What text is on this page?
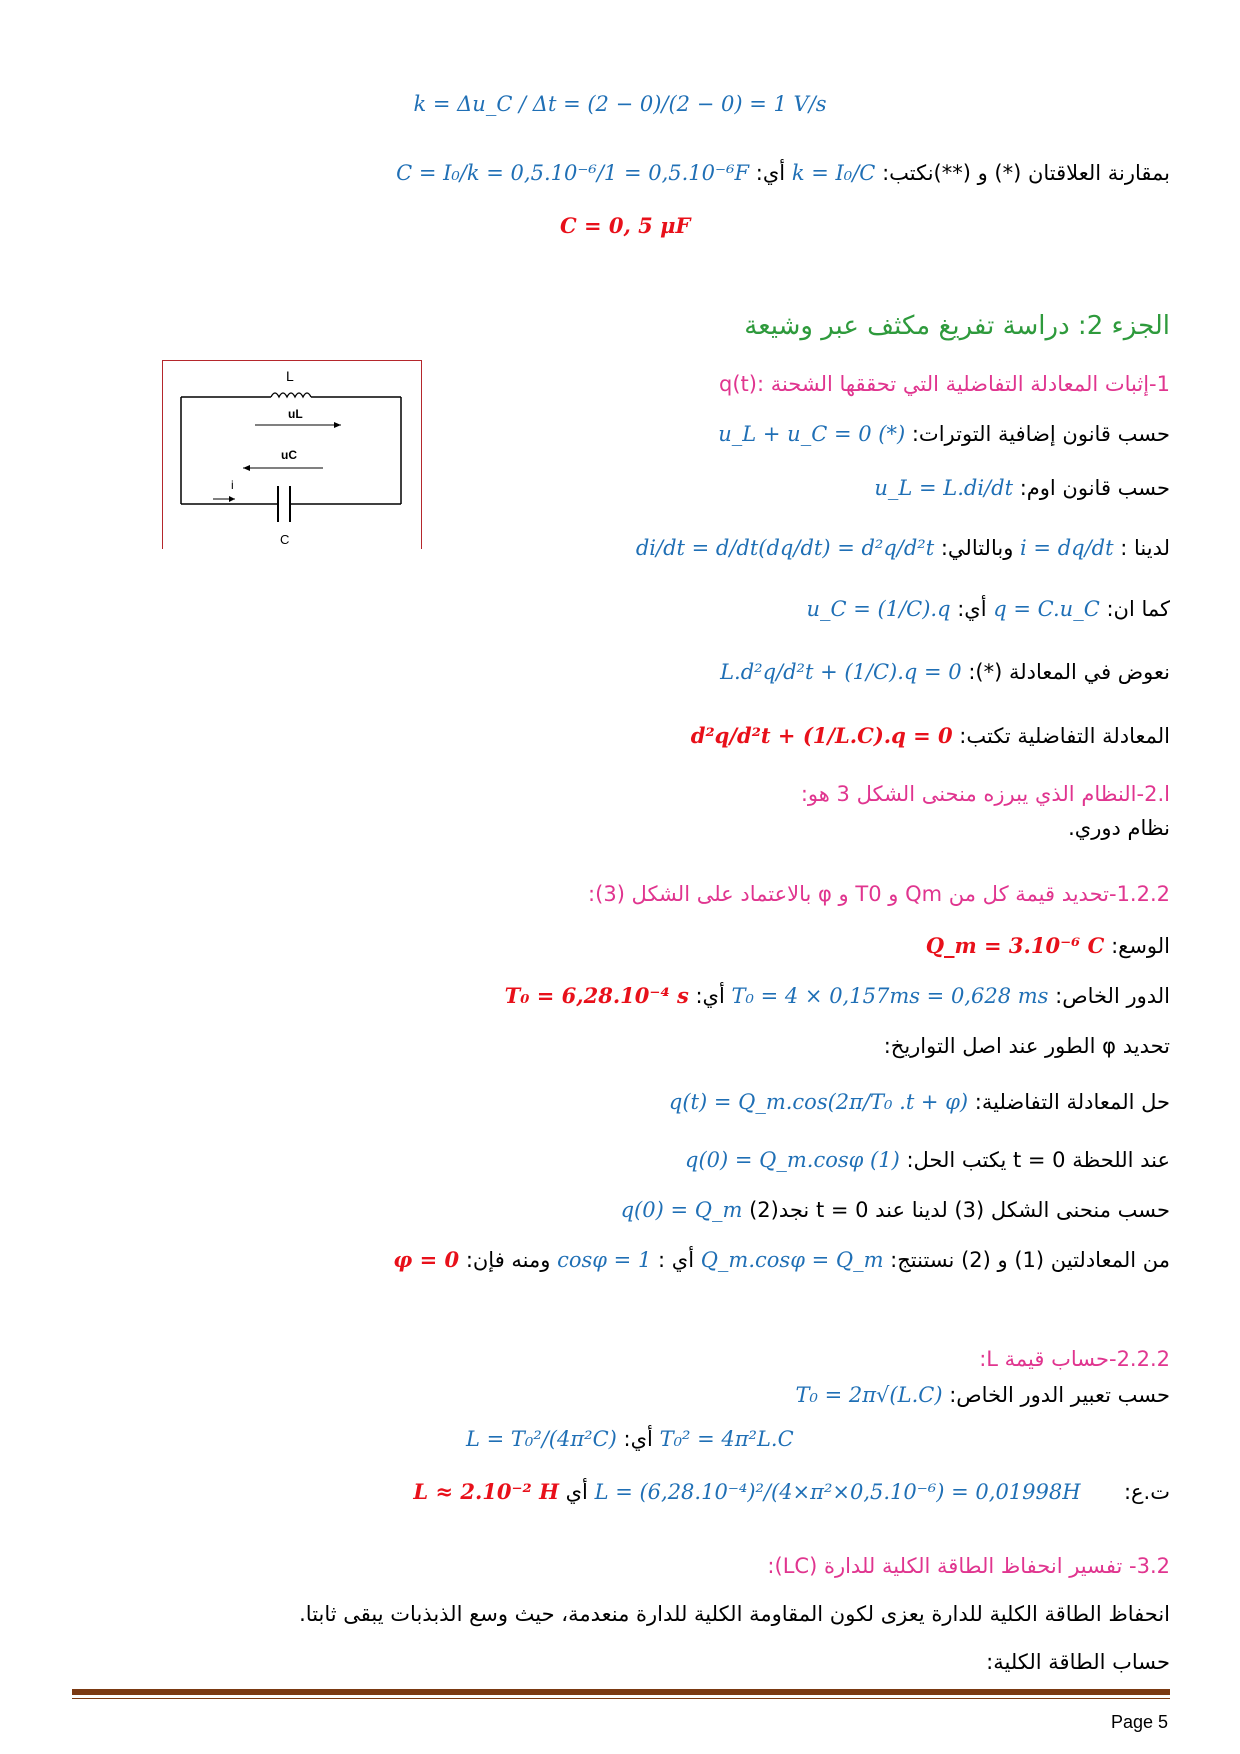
k = Δu_C / Δt = (2 − 0)/(2 − 0) = 1 V/s
بمقارنة العلاقتان (*) و (**)نكتب: k = I₀/C أي: C = I₀/k = 0,5.10⁻⁶/1 = 0,5.10⁻⁶F
C = 0, 5 μF
الجزء 2: دراسة تفريغ مكثف عبر وشيعة
L
uL
C
uC
i
1-إثبات المعادلة التفاضلية التي تحققها الشحنة :q(t)
حسب قانون إضافية التوترات: u_L + u_C = 0 (*)
حسب قانون اوم: u_L = L.di/dt
لدينا : i = dq/dt وبالتالي: di/dt = d/dt(dq/dt) = d²q/d²t
كما ان: q = C.u_C أي: u_C = (1/C).q
نعوض في المعادلة (*): L.d²q/d²t + (1/C).q = 0
المعادلة التفاضلية تكتب: d²q/d²t + (1/L.C).q = 0
ا.2-النظام الذي يبرزه منحنى الشكل 3 هو:
نظام دوري.
1.2.2-تحديد قيمة كل من Qm و T0 و φ بالاعتماد على الشكل (3):
الوسع: Q_m = 3.10⁻⁶ C
الدور الخاص: T₀ = 4 × 0,157ms = 0,628 ms أي: T₀ = 6,28.10⁻⁴ s
تحديد φ الطور عند اصل التواريخ:
حل المعادلة التفاضلية: q(t) = Q_m.cos(2π/T₀ .t + φ)
عند اللحظة t = 0 يكتب الحل: q(0) = Q_m.cosφ (1)
حسب منحنى الشكل (3) لدينا عند t = 0 نجد(2) q(0) = Q_m
من المعادلتين (1) و (2) نستنتج: Q_m.cosφ = Q_m أي : cosφ = 1 ومنه فإن: φ = 0
2.2.2-حساب قيمة L:
حسب تعبير الدور الخاص: T₀ = 2π√(L.C)
T₀² = 4π²L.C أي: L = T₀²/(4π²C)
ت.ع:  L = (6,28.10⁻⁴)²/(4×π²×0,5.10⁻⁶) = 0,01998H أي L ≈ 2.10⁻² H
3.2- تفسير انحفاظ الطاقة الكلية للدارة (LC):
انحفاظ الطاقة الكلية للدارة يعزى لكون المقاومة الكلية للدارة منعدمة، حيث وسع الذبذبات يبقى ثابتا.
حساب الطاقة الكلية:
Page 5
